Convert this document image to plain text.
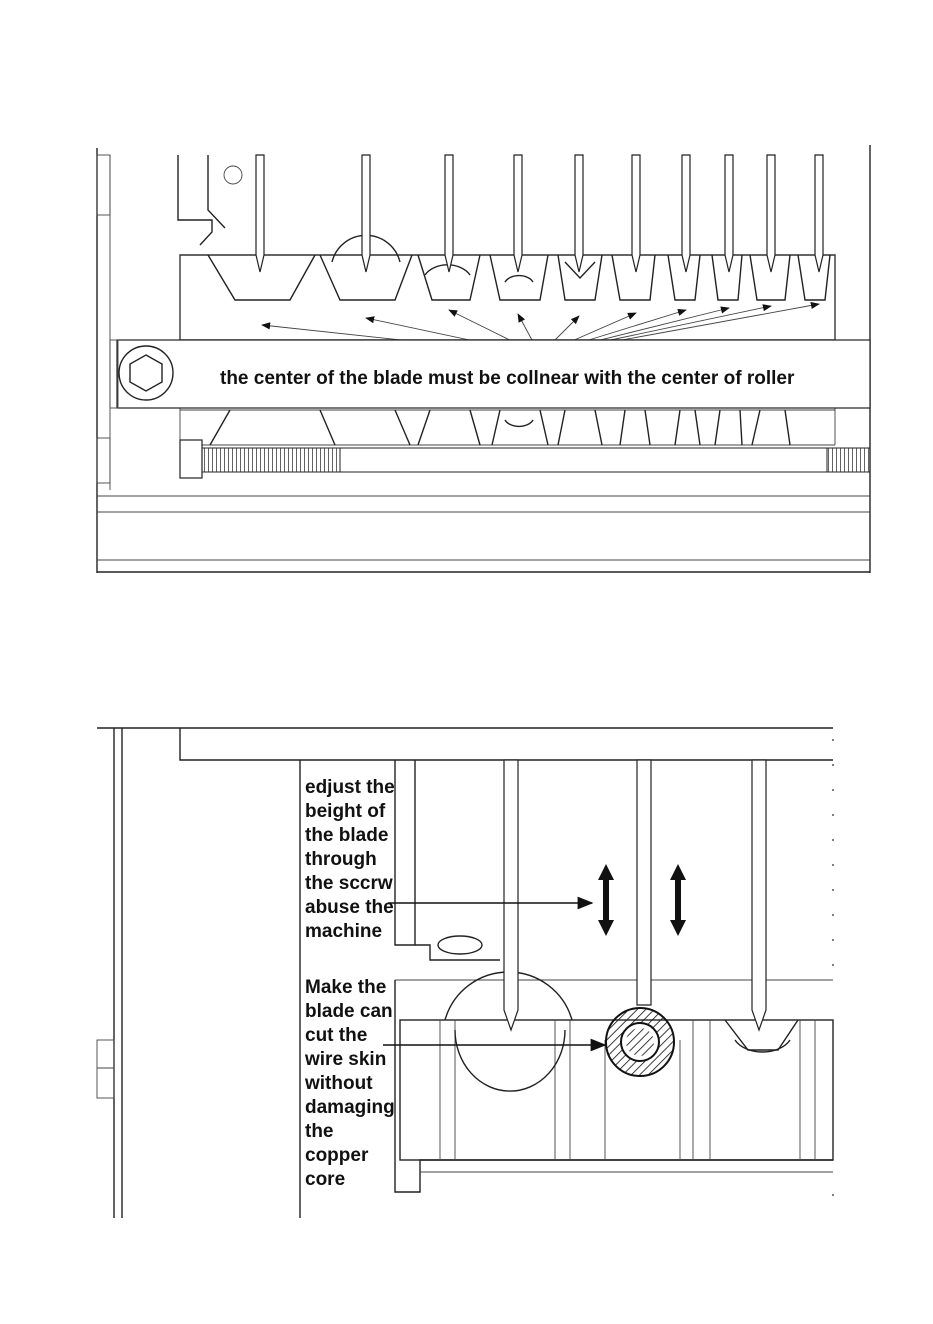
the center of the blade must be collnear with the center of roller
edjust the
beight of
the blade
through
the sccrw
abuse the
machine
Make the
blade can
cut the
wire skin
without
damaging
the
copper
core
